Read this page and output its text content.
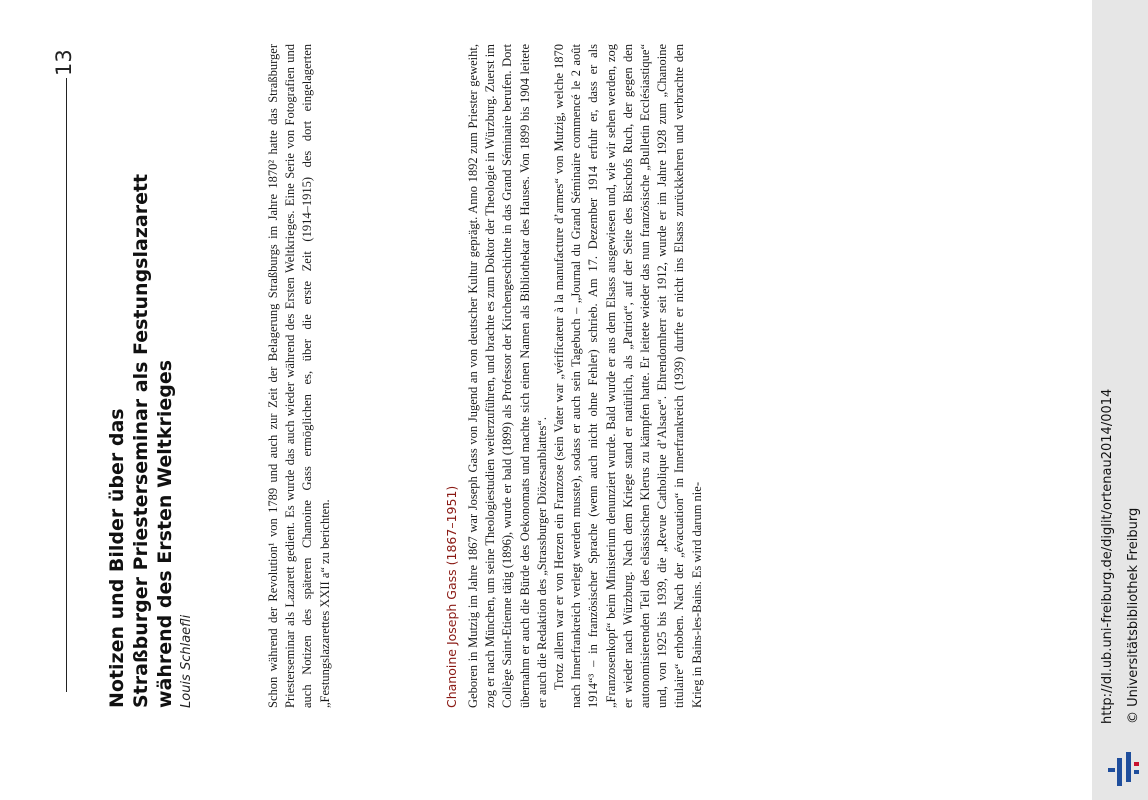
http://dl.ub.uni-freiburg.de/diglit/ortenau2014/0014 © Universitätsbibliothek Freiburg
13
Notizen und Bilder über das Straßburger Priesterseminar als Festungslazarett während des Ersten Weltkrieges Louis Schlaefli	Schon während der Revolution¹ von 1789 und auch zur Zeit der Belagerung Straßburgs im Jahre 1870² hatte das Straßburger Priesterseminar als Lazarett gedient. Es wurde das auch wieder während des Ersten Weltkrieges. Eine Serie von Fotografien und auch Notizen des späteren Chanoine Gass ermöglichen es, über die erste Zeit (1914–1915) des dort eingelagerten „Festungslazarettes XXII a“ zu berichten.	Chanoine Joseph Gass (1867–1951) Geboren in Mutzig im Jahre 1867 war Joseph Gass von Jugend an von deutscher Kultur geprägt. Anno 1892 zum Priester geweiht, zog er nach München, um seine Theologiestudien weiterzuführen, und brachte es zum Doktor der Theologie in Würzburg. Zuerst im Collège Saint-Etienne tätig (1896), wurde er bald (1899) als Professor der Kirchengeschichte in das Grand Séminaire berufen. Dort übernahm er auch die Bürde des Oekonomats und machte sich einen Namen als Bibliothekar des Hauses. Von 1899 bis 1904 leitete er auch die Redaktion des „Strassburger Diözesanblattes“. Trotz allem war er von Herzen ein Franzose (sein Vater war „vérificateur à la manufacture d’armes“ von Mutzig, welche 1870 nach Innerfrankreich verlegt werden musste), sodass er auch sein Tagebuch – „Journal du Grand Séminaire commencé le 2 août 1914“³ – in französischer Sprache (wenn auch nicht ohne Fehler) schrieb. Am 17. Dezember 1914 erfuhr er, dass er als „Franzosenkopf“ beim Ministerium denunziert wurde. Bald wurde er aus dem Elsass ausgewiesen und, wie wir sehen werden, zog er wieder nach Würzburg. Nach dem Kriege stand er natürlich, als „Patriot“, auf der Seite des Bischofs Ruch, der gegen den autonomisierenden Teil des elsässischen Klerus zu kämpfen hatte. Er leitete wieder das nun französische „Bulletin Ecclésiastique“ und, von 1925 bis 1939, die „Revue Catholique d’Alsace“. Ehrendomherr seit 1912, wurde er im Jahre 1928 zum „Chanoine titulaire“ erhoben. Nach der „évacuation“ in Innerfrankreich (1939) durfte er nicht ins Elsass zurückkehren und verbrachte den Krieg in Bains-les-Bains. Es wird darum nie-
